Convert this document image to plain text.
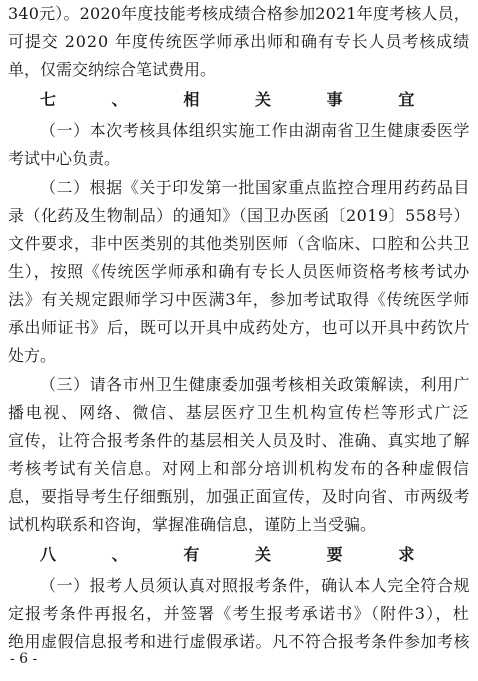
340元）。2020年度技能考核成绩合格参加2021年度考核人员，
可提交 2020 年度传统医学师承出师和确有专长人员考核成绩
单，仅需交纳综合笔试费用。
七、相关事宜
（一）本次考核具体组织实施工作由湖南省卫生健康委医学
考试中心负责。
（二）根据《关于印发第一批国家重点监控合理用药药品目
录（化药及生物制品）的通知》（国卫办医函〔2019〕558号）
文件要求，非中医类别的其他类别医师（含临床、口腔和公共卫
生），按照《传统医学师承和确有专长人员医师资格考核考试办
法》有关规定跟师学习中医满3年，参加考试取得《传统医学师
承出师证书》后，既可以开具中成药处方，也可以开具中药饮片
处方。
（三）请各市州卫生健康委加强考核相关政策解读，利用广
播电视、网络、微信、基层医疗卫生机构宣传栏等形式广泛
宣传，让符合报考条件的基层相关人员及时、准确、真实地了解
考核考试有关信息。对网上和部分培训机构发布的各种虚假信
息，要指导考生仔细甄别，加强正面宣传，及时向省、市两级考
试机构联系和咨询，掌握准确信息，谨防上当受骗。
八、有关要求
（一）报考人员须认真对照报考条件，确认本人完全符合规
定报考条件再报名，并签署《考生报考承诺书》（附件3），杜
绝用虚假信息报考和进行虚假承诺。凡不符合报考条件参加考核
- 6 -
